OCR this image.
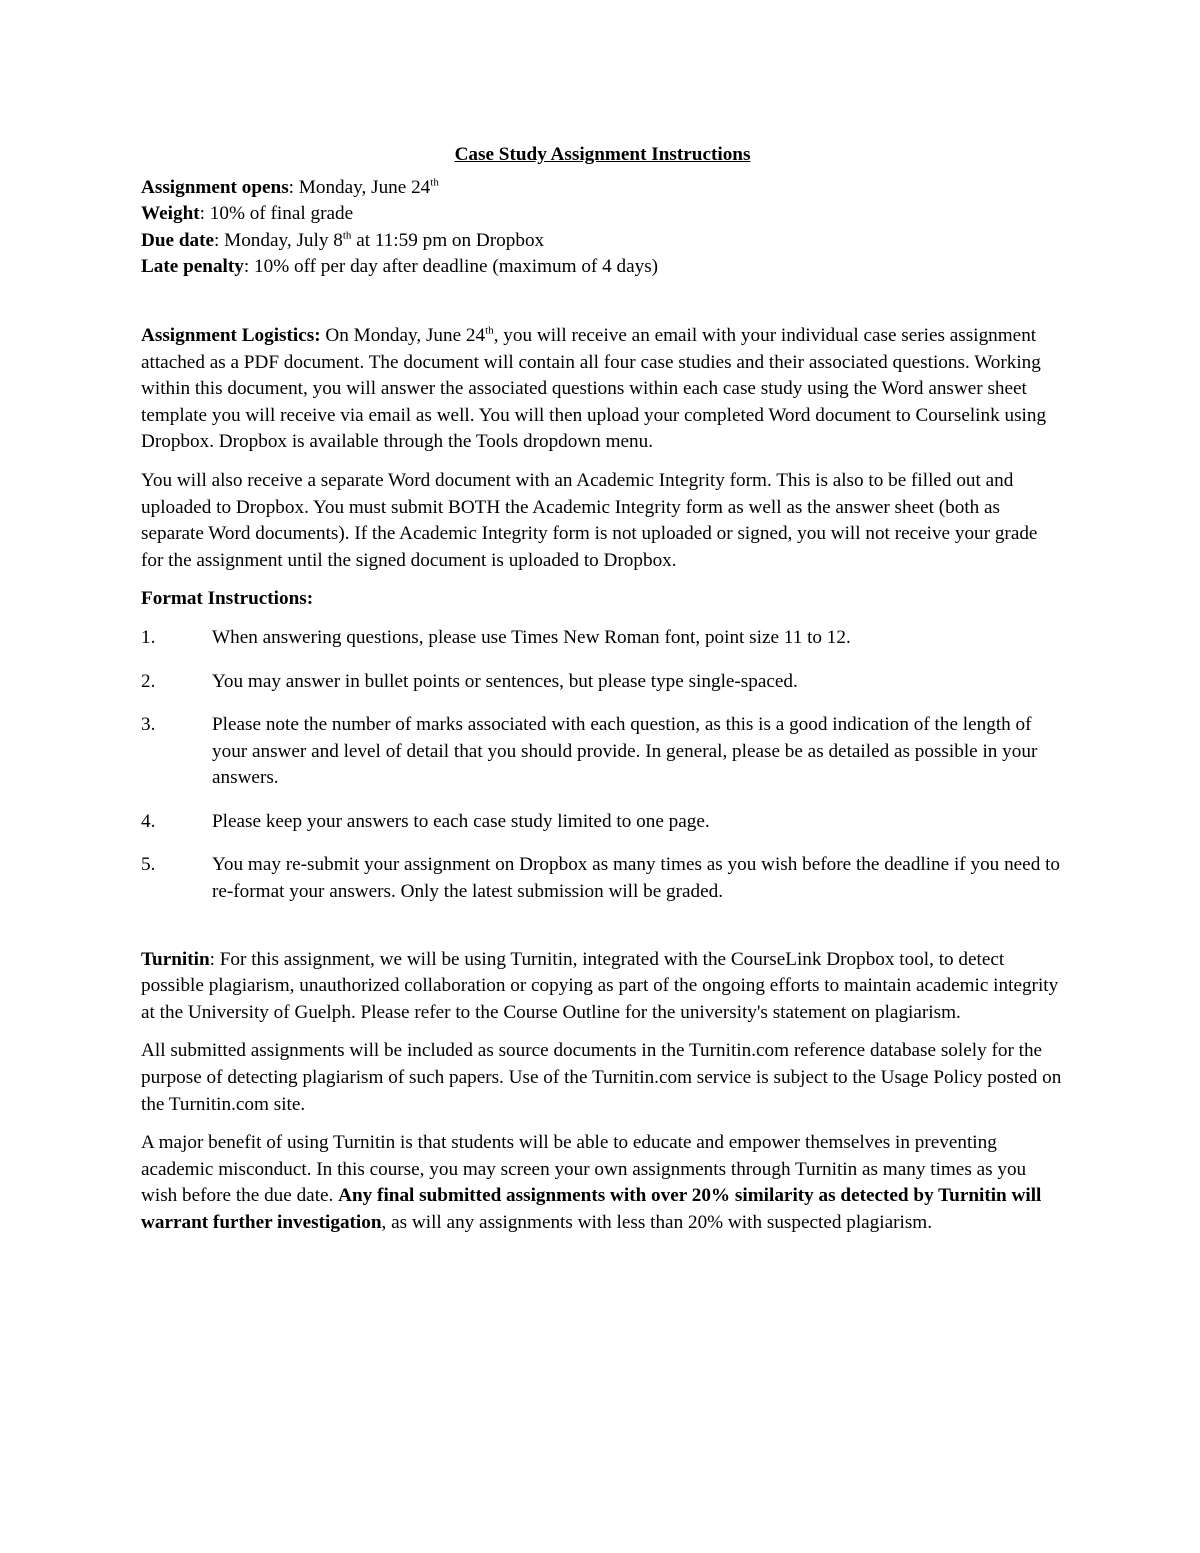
Case Study Assignment Instructions

Assignment opens: Monday, June 24th

Weight: 10% of final grade

Due date: Monday, July 8th at 11:59 pm on Dropbox

Late penalty: 10% off per day after deadline (maximum of 4 days)

Assignment Logistics: On Monday, June 24th, you will receive an email with your individual case series assignment attached as a PDF document. The document will contain all four case studies and their associated questions. Working within this document, you will answer the associated questions within each case study using the Word answer sheet template you will receive via email as well. You will then upload your completed Word document to Courselink using Dropbox. Dropbox is available through the Tools dropdown menu.

You will also receive a separate Word document with an Academic Integrity form. This is also to be filled out and uploaded to Dropbox. You must submit BOTH the Academic Integrity form as well as the answer sheet (both as separate Word documents). If the Academic Integrity form is not uploaded or signed, you will not receive your grade for the assignment until the signed document is uploaded to Dropbox.

Format Instructions:

1.	When answering questions, please use Times New Roman font, point size 11 to 12.
2.	You may answer in bullet points or sentences, but please type single-spaced.
3.	Please note the number of marks associated with each question, as this is a good indication of the length of your answer and level of detail that you should provide. In general, please be as detailed as possible in your answers.
4.	Please keep your answers to each case study limited to one page.
5.	You may re-submit your assignment on Dropbox as many times as you wish before the deadline if you need to re-format your answers. Only the latest submission will be graded.

Turnitin: For this assignment, we will be using Turnitin, integrated with the CourseLink Dropbox tool, to detect possible plagiarism, unauthorized collaboration or copying as part of the ongoing efforts to maintain academic integrity at the University of Guelph. Please refer to the Course Outline for the university's statement on plagiarism.

All submitted assignments will be included as source documents in the Turnitin.com reference database solely for the purpose of detecting plagiarism of such papers. Use of the Turnitin.com service is subject to the Usage Policy posted on the Turnitin.com site.

A major benefit of using Turnitin is that students will be able to educate and empower themselves in preventing academic misconduct. In this course, you may screen your own assignments through Turnitin as many times as you wish before the due date. Any final submitted assignments with over 20% similarity as detected by Turnitin will warrant further investigation, as will any assignments with less than 20% with suspected plagiarism.
